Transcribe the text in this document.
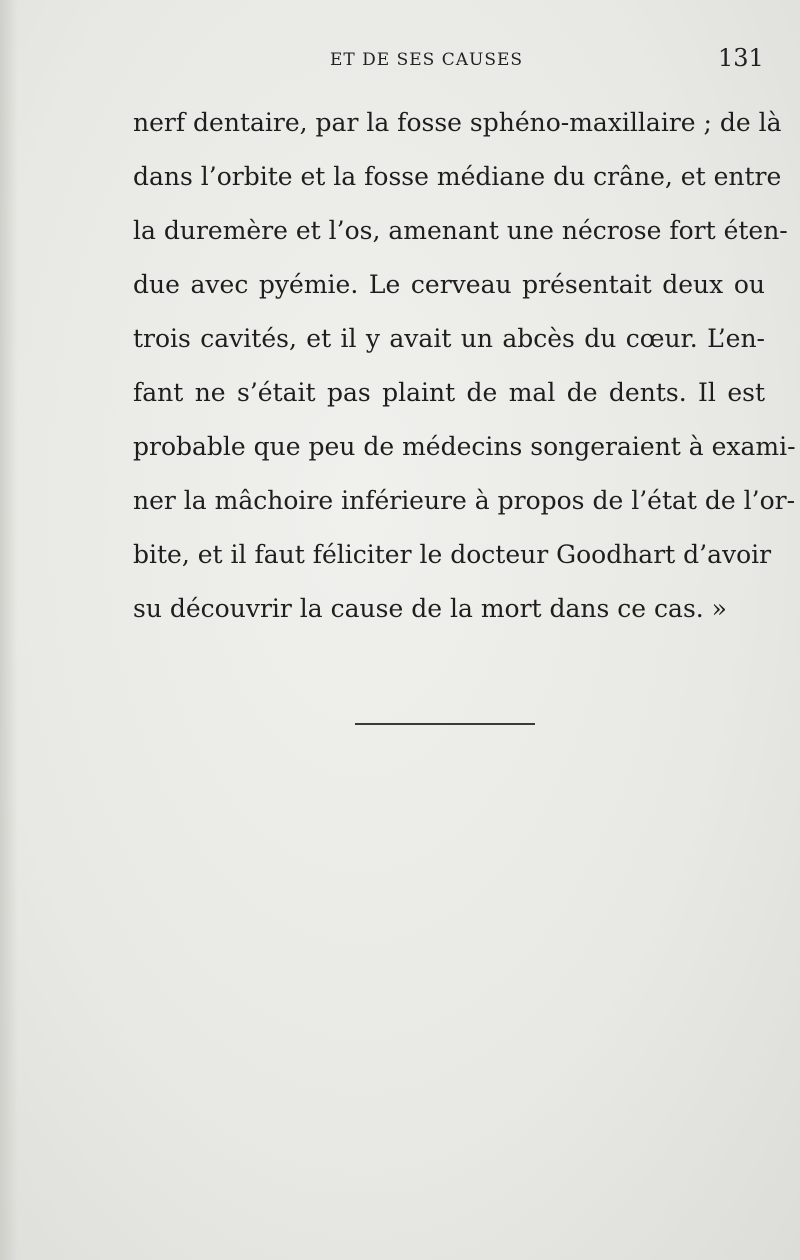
ET DE SES CAUSES	131
nerf dentaire, par la fosse sphéno-maxillaire ; de là
dans l’orbite et la fosse médiane du crâne, et entre
la duremère et l’os, amenant une nécrose fort éten-
due avec pyémie. Le cerveau présentait deux ou
trois cavités, et il y avait un abcès du cœur. L’en-
fant ne s’était pas plaint de mal de dents. Il est
probable que peu de médecins songeraient à exami-
ner la mâchoire inférieure à propos de l’état de l’or-
bite, et il faut féliciter le docteur Goodhart d’avoir
su découvrir la cause de la mort dans ce cas. »
